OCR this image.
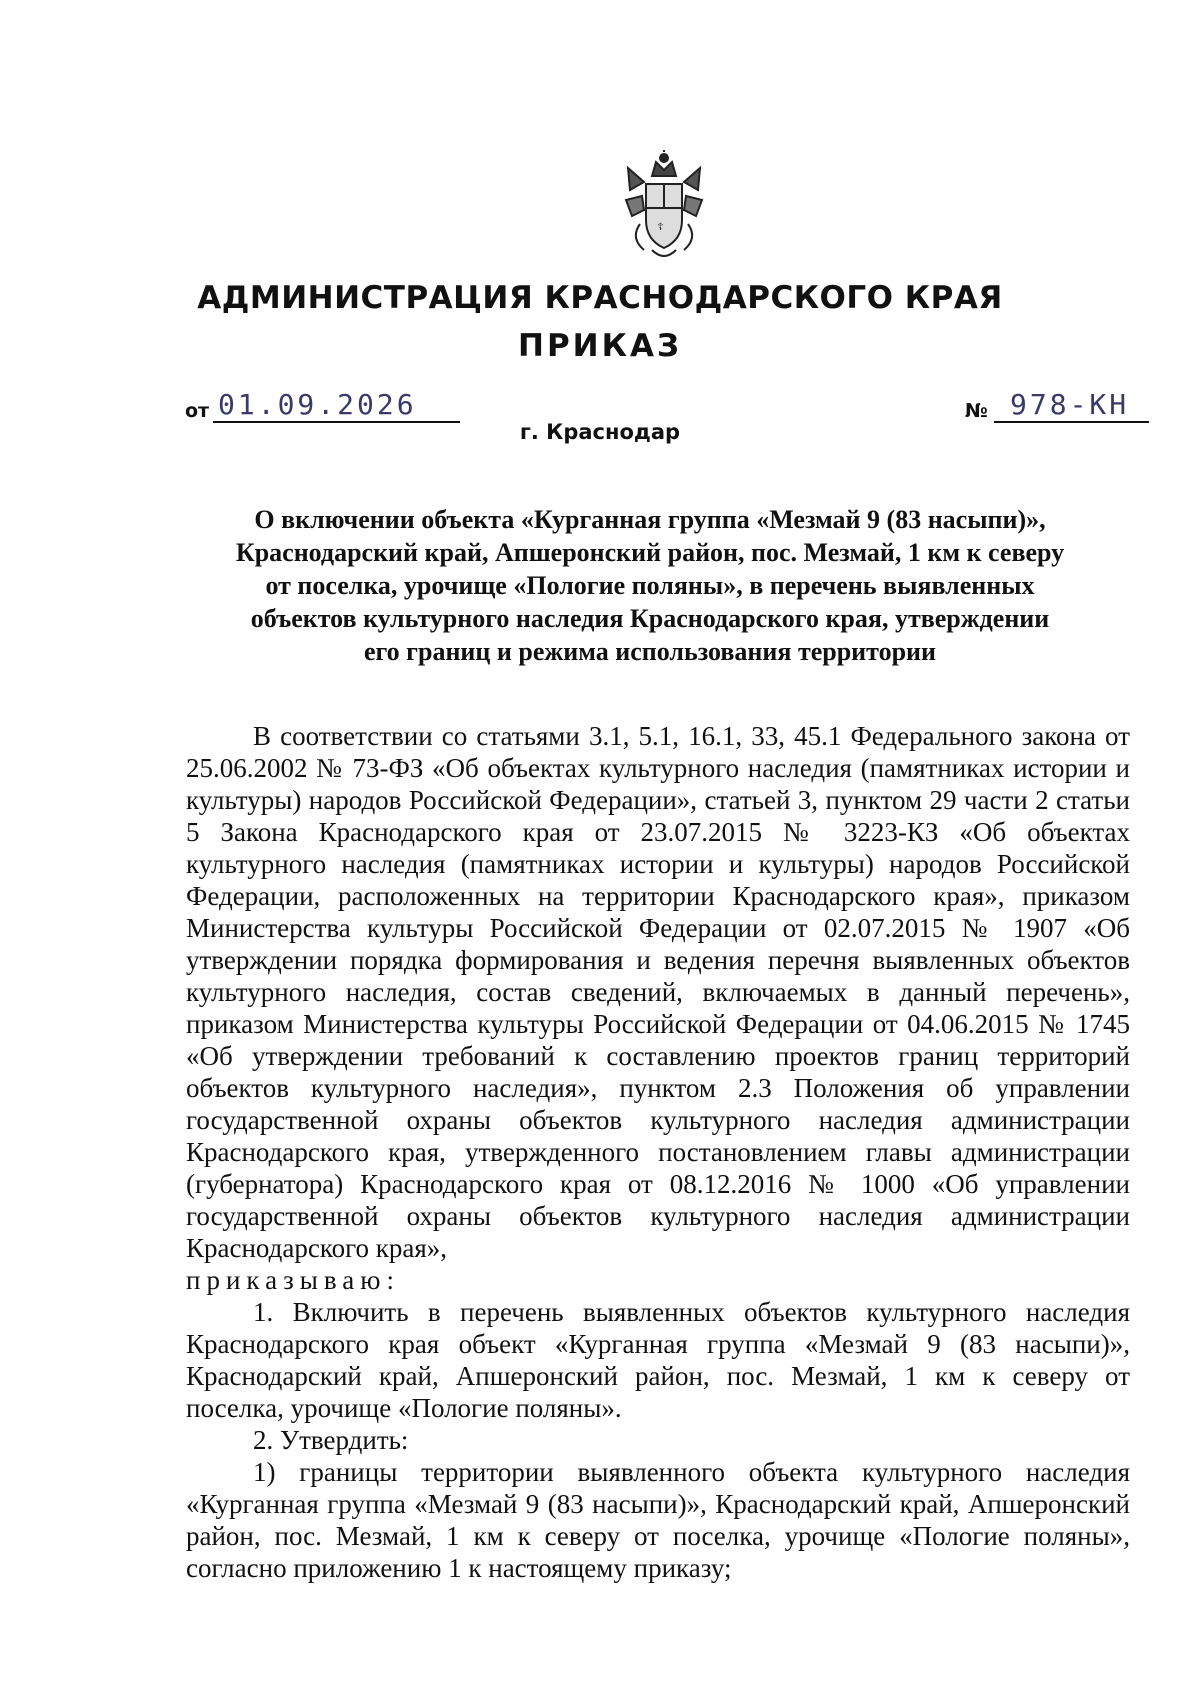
☦
АДМИНИСТРАЦИЯ КРАСНОДАРСКОГО КРАЯ
ПРИКАЗ
от 01.09.2026	№ 978-КН
г. Краснодар

О включении объекта «Курганная группа «Мезмай 9 (83 насыпи)»,

Краснодарский край, Апшеронский район, пос. Мезмай, 1 км к северу

от поселка, урочище «Пологие поляны», в перечень выявленных

объектов культурного наследия Краснодарского края, утверждении

его границ и режима использования территории

В соответствии со статьями 3.1, 5.1, 16.1, 33, 45.1 Федерального закона от 25.06.2002 № 73-ФЗ «Об объектах культурного наследия (памятниках истории и культуры) народов Российской Федерации», статьей 3, пунктом 29 части 2 статьи 5 Закона Краснодарского края от 23.07.2015 № 3223-КЗ «Об объектах культурного наследия (памятниках истории и культуры) народов Российской Федерации, расположенных на территории Краснодарского края», приказом Министерства культуры Российской Федерации от 02.07.2015 № 1907 «Об утверждении порядка формирования и ведения перечня выявленных объектов культурного наследия, состав сведений, включаемых в данный перечень», приказом Министерства культуры Российской Федерации от 04.06.2015 № 1745 «Об утверждении требований к составлению проектов границ территорий объектов культурного наследия», пунктом 2.3 Положения об управлении государственной охраны объектов культурного наследия администрации Краснодарского края, утвержденного постановлением главы администрации (губернатора) Краснодарского края от 08.12.2016 № 1000 «Об управлении государственной охраны объектов культурного наследия администрации Краснодарского края»,

приказываю:

1. Включить в перечень выявленных объектов культурного наследия Краснодарского края объект «Курганная группа «Мезмай 9 (83 насыпи)», Краснодарский край, Апшеронский район, пос. Мезмай, 1 км к северу от поселка, урочище «Пологие поляны».

2. Утвердить:

1) границы территории выявленного объекта культурного наследия «Курганная группа «Мезмай 9 (83 насыпи)», Краснодарский край, Апшеронский район, пос. Мезмай, 1 км к северу от поселка, урочище «Пологие поляны», согласно приложению 1 к настоящему приказу;
